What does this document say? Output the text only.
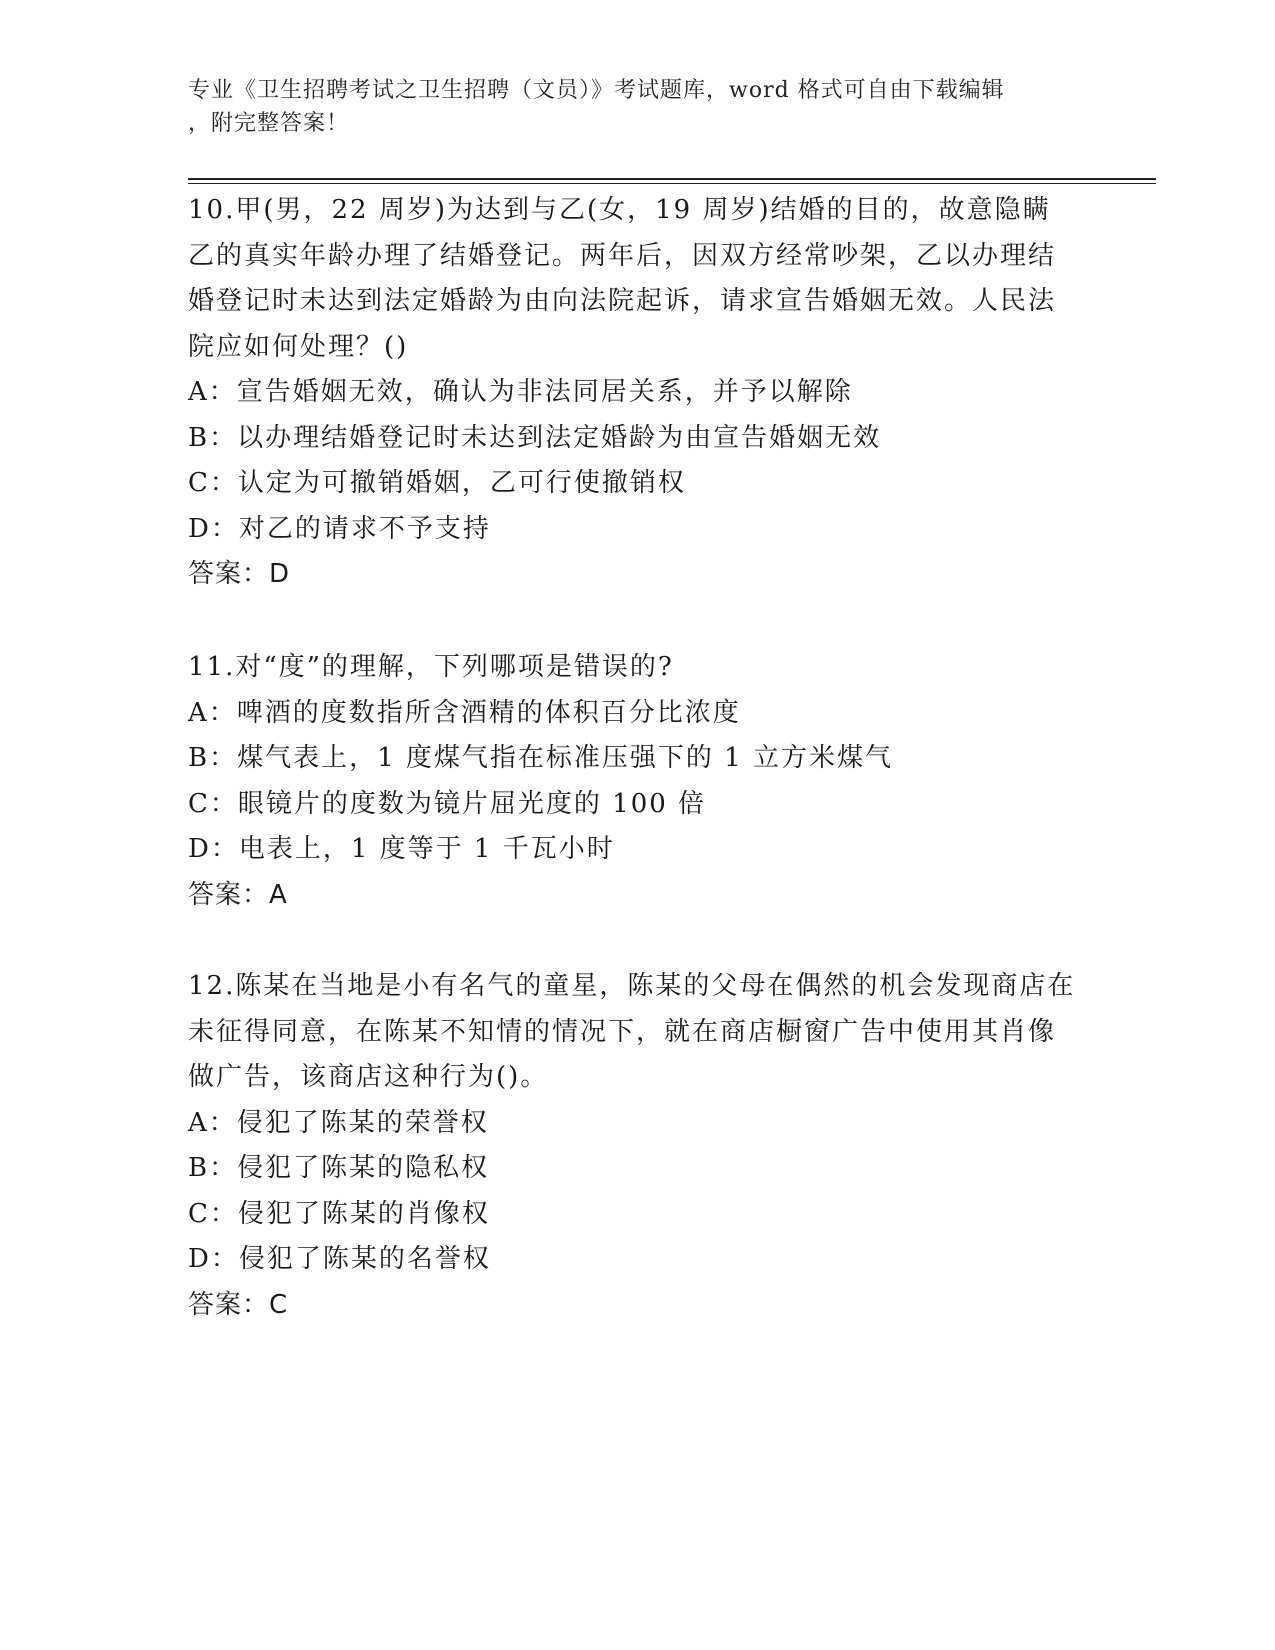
专业《卫生招聘考试之卫生招聘（文员）》考试题库，word 格式可自由下载编辑
，附完整答案！

10.甲(男，22 周岁)为达到与乙(女，19 周岁)结婚的目的，故意隐瞒乙的真实年龄办理了结婚登记。两年后，因双方经常吵架，乙以办理结婚登记时未达到法定婚龄为由向法院起诉，请求宣告婚姻无效。人民法院应如何处理？()

A：宣告婚姻无效，确认为非法同居关系，并予以解除

B：以办理结婚登记时未达到法定婚龄为由宣告婚姻无效

C：认定为可撤销婚姻，乙可行使撤销权

D：对乙的请求不予支持

答案：D

11.对“度”的理解，下列哪项是错误的?

A：啤酒的度数指所含酒精的体积百分比浓度

B：煤气表上，1 度煤气指在标准压强下的 1 立方米煤气

C：眼镜片的度数为镜片屈光度的 100 倍

D：电表上，1 度等于 1 千瓦小时

答案：A

12.陈某在当地是小有名气的童星，陈某的父母在偶然的机会发现商店在未征得同意，在陈某不知情的情况下，就在商店橱窗广告中使用其肖像做广告，该商店这种行为()。

A：侵犯了陈某的荣誉权

B：侵犯了陈某的隐私权

C：侵犯了陈某的肖像权

D：侵犯了陈某的名誉权

答案：C
